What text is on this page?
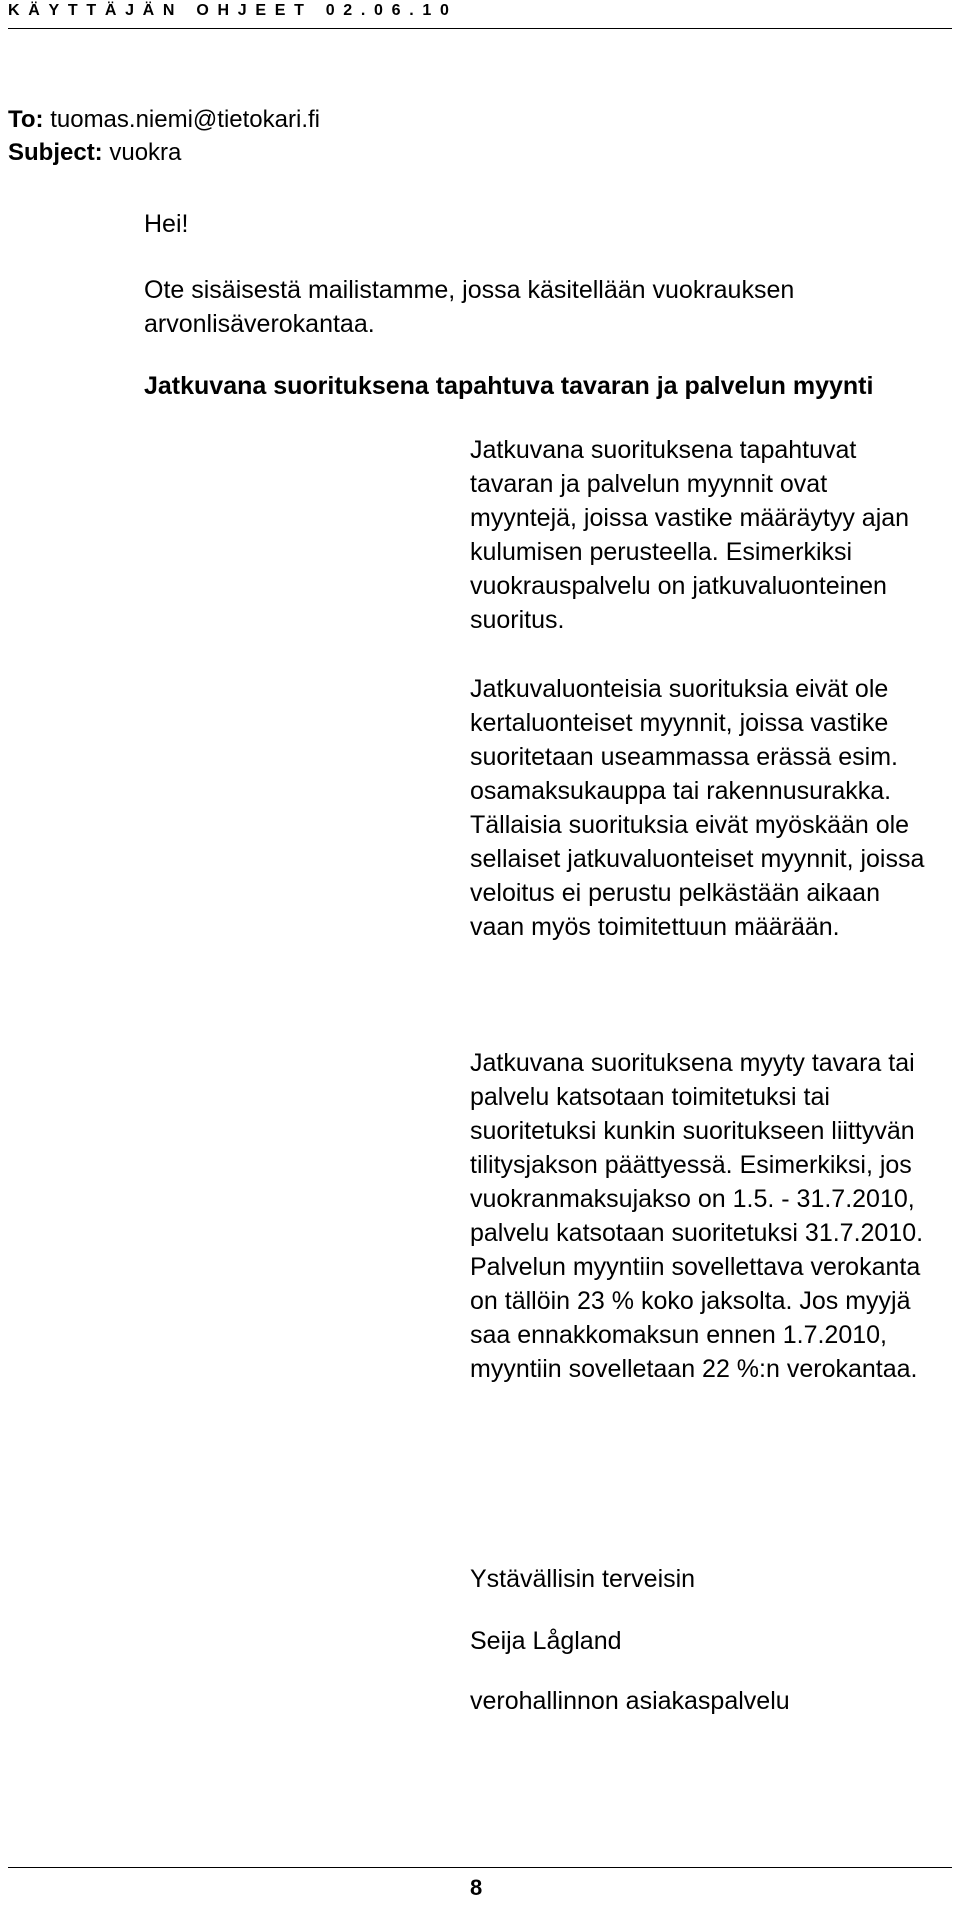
KÄYTTÄJÄN OHJEET 02.06.10
To: tuomas.niemi@tietokari.fi
Subject: vuokra
Hei!
Ote sisäisestä mailistamme, jossa käsitellään vuokrauksen arvonlisäverokantaa.
Jatkuvana suorituksena tapahtuva tavaran ja palvelun myynti

Jatkuvana suorituksena tapahtuvat tavaran ja palvelun myynnit ovat myyntejä, joissa vastike määräytyy ajan kulumisen perusteella. Esimerkiksi vuokrauspalvelu on jatkuvaluonteinen suoritus.

Jatkuvaluonteisia suorituksia eivät ole kertaluonteiset myynnit, joissa vastike suoritetaan useammassa erässä esim. osamaksukauppa tai rakennusurakka. Tällaisia suorituksia eivät myöskään ole sellaiset jatkuvaluonteiset myynnit, joissa veloitus ei perustu pelkästään aikaan vaan myös toimitettuun määrään.

Jatkuvana suorituksena myyty tavara tai palvelu katsotaan toimitetuksi tai suoritetuksi kunkin suoritukseen liittyvän tilitysjakson päättyessä. Esimerkiksi, jos vuokranmaksujakso on 1.5. - 31.7.2010, palvelu katsotaan suoritetuksi 31.7.2010. Palvelun myyntiin sovellettava verokanta on tällöin 23 % koko jaksolta. Jos myyjä saa ennakkomaksun ennen 1.7.2010, myyntiin sovelletaan 22 %:n verokantaa.

Ystävällisin terveisin
Seija Lågland
verohallinnon asiakaspalvelu
8
